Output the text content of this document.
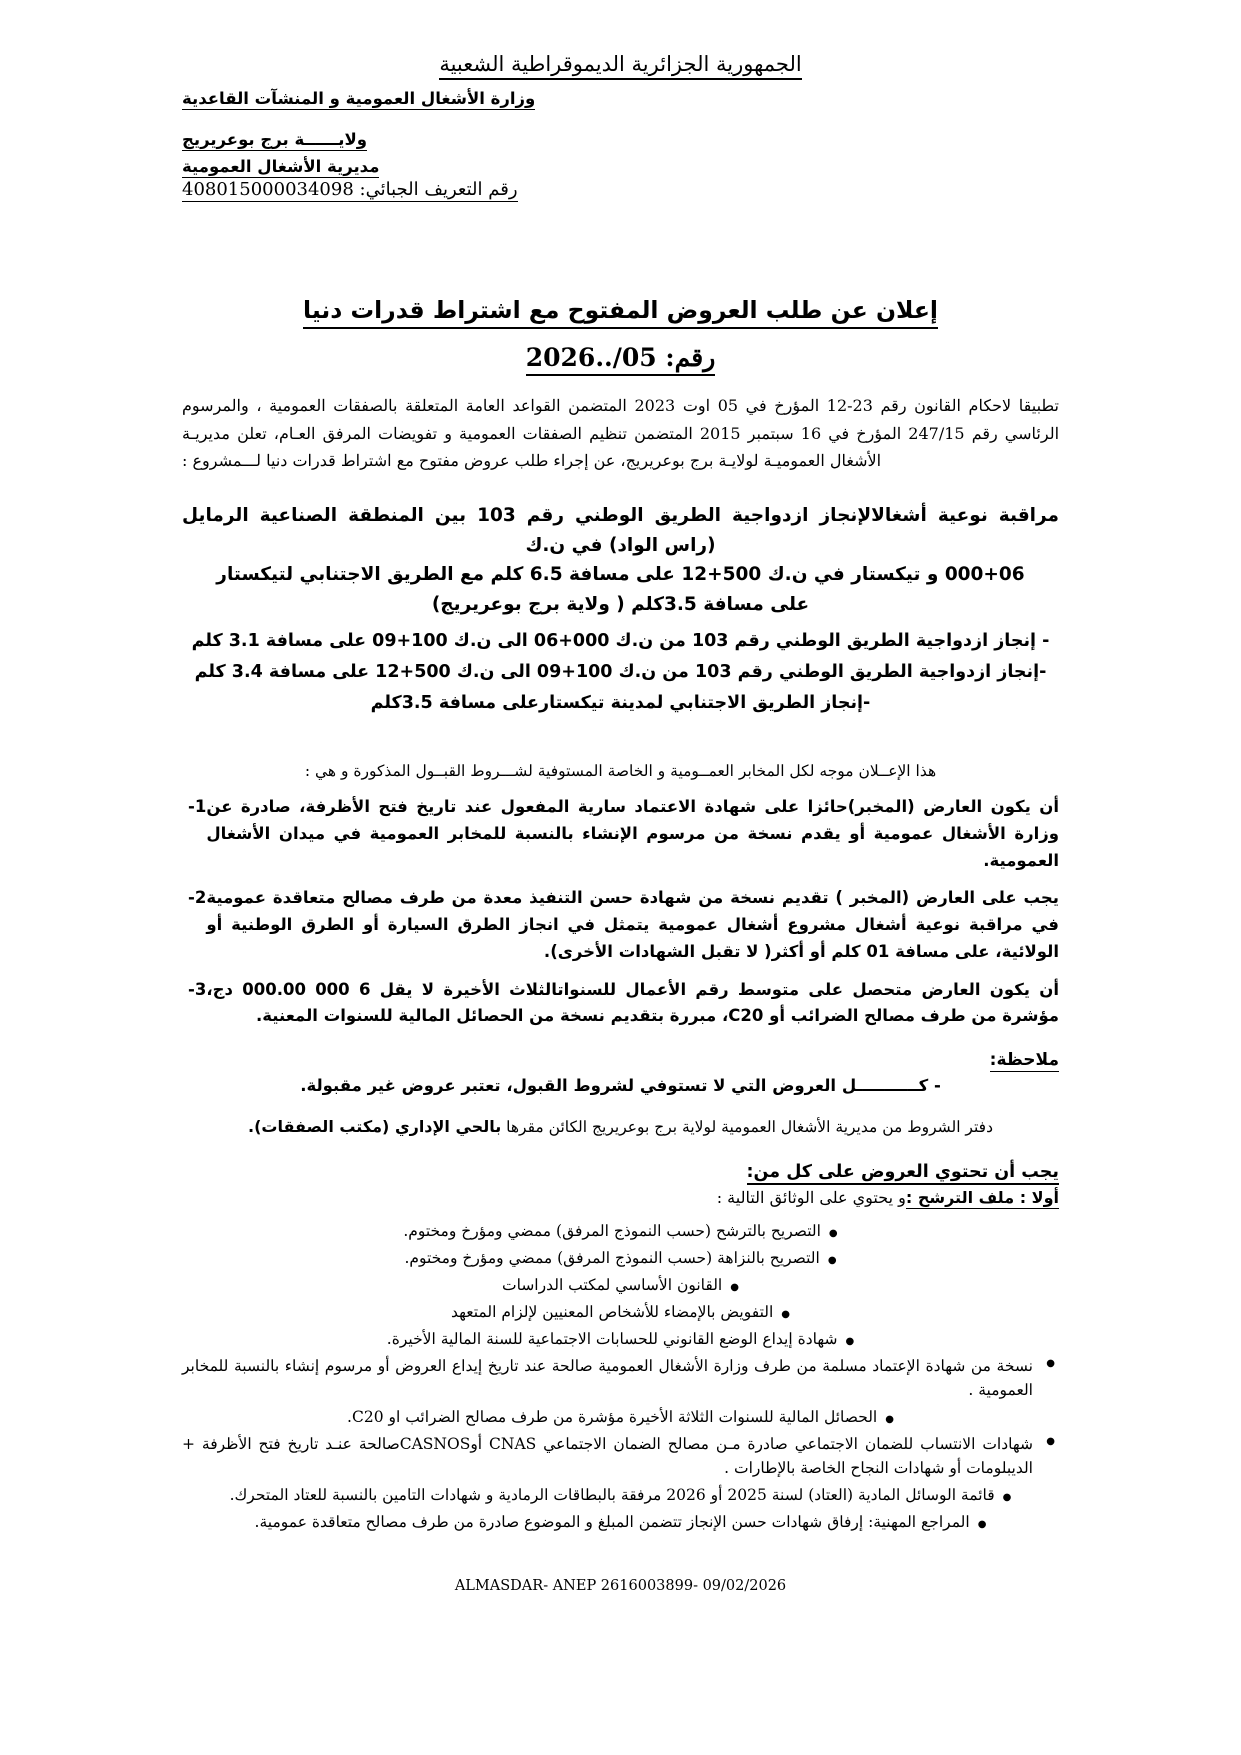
الجمهورية الجزائرية الديموقراطية الشعبية

وزارة الأشغال العمومية و المنشآت القاعدية

ولايــــــة برج بوعريريج

مديرية الأشغال العمومية

رقم التعريف الجبائي: 408015000034098

إعلان عن طلب العروض المفتوح مع اشتراط قدرات دنيا

رقم: 05/..2026

تطبيقا لاحكام القانون رقم 23-12 المؤرخ في 05 اوت 2023 المتضمن القواعد العامة المتعلقة بالصفقات العمومية ، والمرسوم الرئاسي رقم 247/15 المؤرخ في 16 سبتمبر 2015 المتضمن تنظيم الصفقات العمومية و تفويضات المرفق العـام، تعلن مديريـة الأشغال العموميـة لولايـة برج بوعريريج، عن إجراء طلب عروض مفتوح مع اشتراط قدرات دنيا لـــمشروع :

مراقبة نوعية أشغالالإنجاز ازدواجية الطريق الوطني رقم 103 بين المنطقة الصناعية الرمايل (راس الواد) في ن.ك
000+06 و تيكستار في ن.ك 500+12 على مسافة 6.5 كلم مع الطريق الاجتنابي لتيكستار
على مسافة 3.5كلم ( ولاية برج بوعريريج)
- إنجاز ازدواجية الطريق الوطني رقم 103 من ن.ك 000+06 الى ن.ك 100+09 على مسافة 3.1 كلم
-إنجاز ازدواجية الطريق الوطني رقم 103 من ن.ك 100+09 الى ن.ك 500+12 على مسافة 3.4 كلم
-إنجاز الطريق الاجتنابي لمدينة تيكستارعلى مسافة 3.5كلم

هذا الإعــلان موجه لكل المخابر العمــومية و الخاصة المستوفية لشـــروط القبــول المذكورة و هي :

1- أن يكون العارض (المخبر)حائزا على شهادة الاعتماد سارية المفعول عند تاريخ فتح الأظرفة، صادرة عن وزارة الأشغال عمومية أو يقدم نسخة من مرسوم الإنشاء بالنسبة للمخابر العمومية في ميدان الأشغال العمومية.
2- يجب على العارض (المخبر ) تقديم نسخة من شهادة حسن التنفيذ معدة من طرف مصالح متعاقدة عمومية في مراقبة نوعية أشغال مشروع أشغال عمومية يتمثل في انجاز الطرق السيارة أو الطرق الوطنية أو الولائية، على مسافة 01 كلم أو أكثر( لا تقبل الشهادات الأخرى).
3- أن يكون العارض متحصل على متوسط رقم الأعمال للسنواتالثلاث الأخيرة لا يقل 6 000 000.00 دج، مؤشرة من طرف مصالح الضرائب أو C20، مبررة بتقديم نسخة من الحصائل المالية للسنوات المعنية.

ملاحظة:

- كـــــــــــل العروض التي لا تستوفي لشروط القبول، تعتبر عروض غير مقبولة.

دفتر الشروط من مديرية الأشغال العمومية لولاية برج بوعريريج الكائن مقرها بالحي الإداري (مكتب الصفقات).

يجب أن تحتوي العروض على كل من:

أولا : ملف الترشح :و يحتوي على الوثائق التالية :

● التصريح بالترشح (حسب النموذج المرفق) ممضي ومؤرخ ومختوم.
● التصريح بالنزاهة (حسب النموذج المرفق) ممضي ومؤرخ ومختوم.
● القانون الأساسي لمكتب الدراسات
● التفويض بالإمضاء للأشخاص المعنيين لإلزام المتعهد
● شهادة إيداع الوضع القانوني للحسابات الاجتماعية للسنة المالية الأخيرة.
● نسخة من شهادة الإعتماد مسلمة من طرف وزارة الأشغال العمومية صالحة عند تاريخ إيداع العروض أو مرسوم إنشاء بالنسبة للمخابر العمومية .
● الحصائل المالية للسنوات الثلاثة الأخيرة مؤشرة من طرف مصالح الضرائب او C20.
● شهادات الانتساب للضمان الاجتماعي صادرة مـن مصالح الضمان الاجتماعي CNAS أوCASNOSصالحة عنـد تاريخ فتح الأظرفة + الديبلومات أو شهادات النجاح الخاصة بالإطارات .
● قائمة الوسائل المادية (العتاد) لسنة 2025 أو 2026 مرفقة بالبطاقات الرمادية و شهادات التامين بالنسبة للعتاد المتحرك.
● المراجع المهنية: إرفاق شهادات حسن الإنجاز تتضمن المبلغ و الموضوع صادرة من طرف مصالح متعاقدة عمومية.

ALMASDAR- ANEP 2616003899- 09/02/2026
